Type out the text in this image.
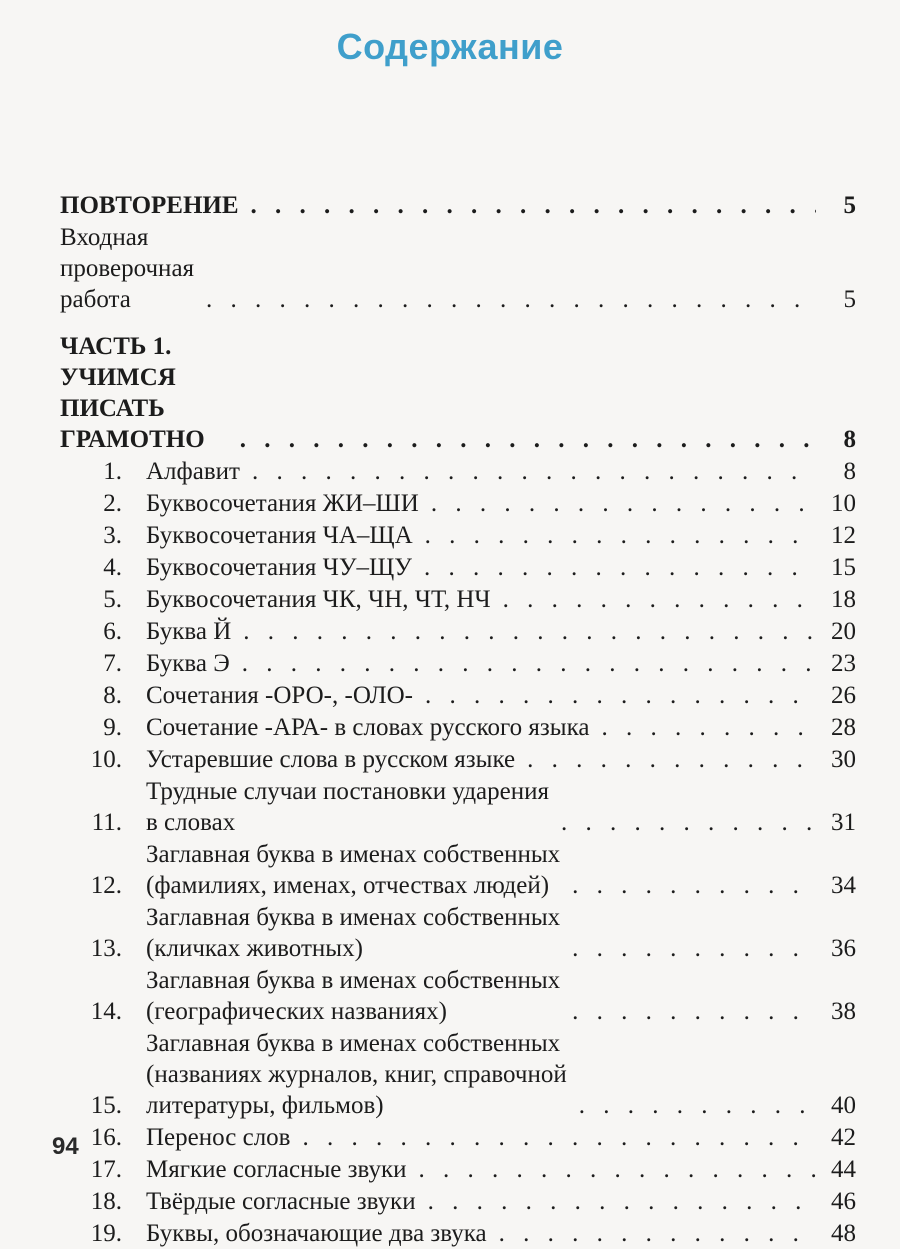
Содержание
ПОВТОРЕНИЕ . . .	5
Входная проверочная работа . . .	5
ЧАСТЬ 1. УЧИМСЯ ПИСАТЬ ГРАМОТНО . . .	8
1. Алфавит . . .	8
2. Буквосочетания ЖИ–ШИ . . .	10
3. Буквосочетания ЧА–ЩА . . .	12
4. Буквосочетания ЧУ–ЩУ . . .	15
5. Буквосочетания ЧК, ЧН, ЧТ, НЧ . . .	18
6. Буква Й . . .	20
7. Буква Э . . .	23
8. Сочетания -ОРО-, -ОЛО- . . .	26
9. Сочетание -АРА- в словах русского языка . . .	28
10. Устаревшие слова в русском языке . . .	30
11.
Трудные случаи постановки ударения
в словах . . .	31
12.
Заглавная буква в именах собственных
(фамилиях, именах, отчествах людей) . . .	34
13.
Заглавная буква в именах собственных
(кличках животных) . . .	36
14.
Заглавная буква в именах собственных
(географических названиях) . . .	38
15.
Заглавная буква в именах собственных
(названиях журналов, книг, справочной
литературы, фильмов) . . .	40
16. Перенос слов . . .	42
17. Мягкие согласные звуки . . .	44
18. Твёрдые согласные звуки . . .	46
19. Буквы, обозначающие два звука . . .	48
94
